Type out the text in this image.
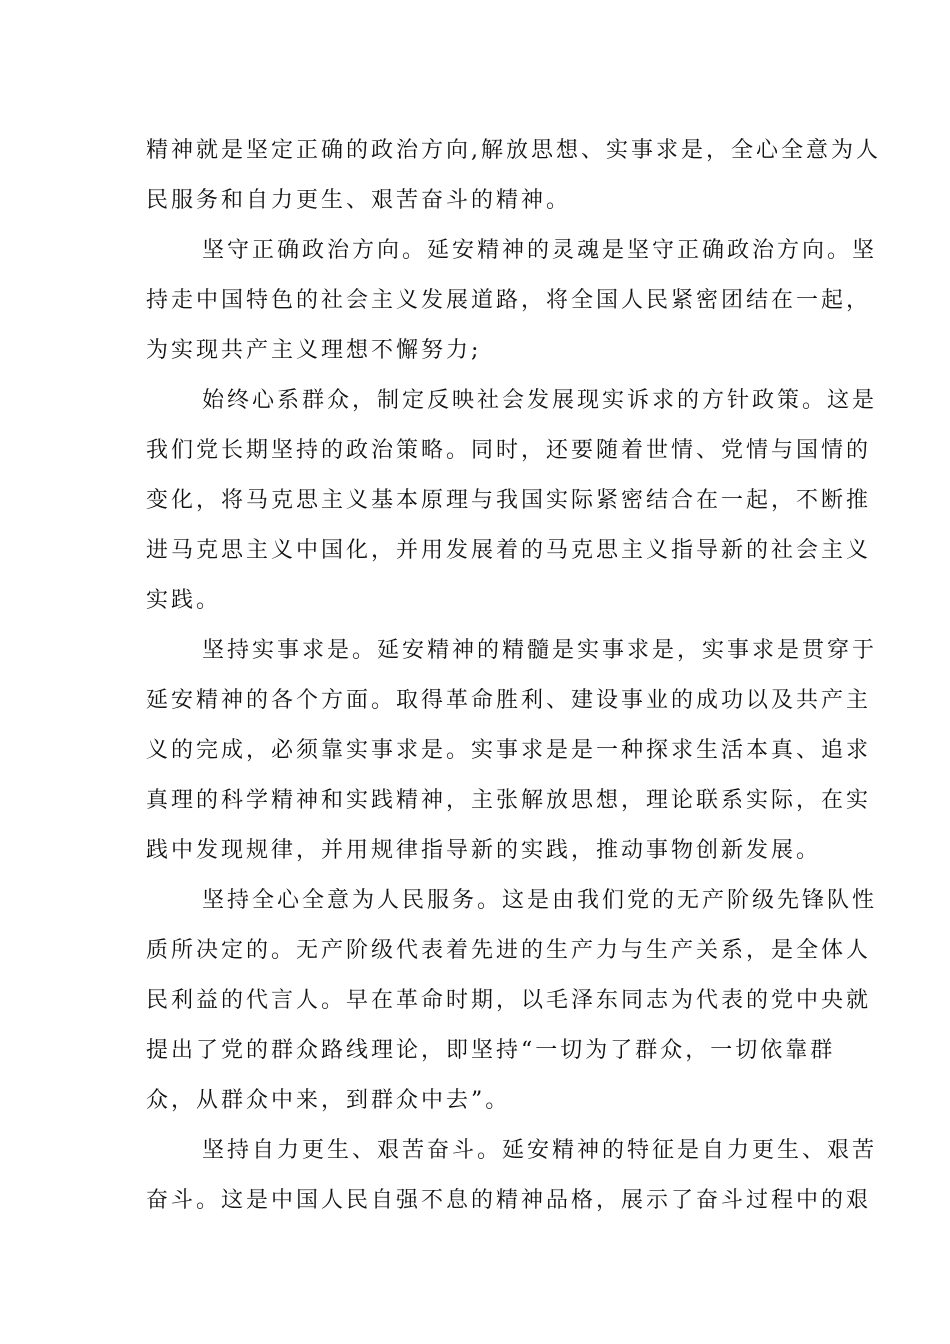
精神就是坚定正确的政治方向,解放思想、实事求是，全心全意为人
民服务和自力更生、艰苦奋斗的精神。
坚守正确政治方向。延安精神的灵魂是坚守正确政治方向。坚
持走中国特色的社会主义发展道路，将全国人民紧密团结在一起，
为实现共产主义理想不懈努力;
始终心系群众，制定反映社会发展现实诉求的方针政策。这是
我们党长期坚持的政治策略。同时，还要随着世情、党情与国情的
变化，将马克思主义基本原理与我国实际紧密结合在一起，不断推
进马克思主义中国化，并用发展着的马克思主义指导新的社会主义
实践。
坚持实事求是。延安精神的精髓是实事求是，实事求是贯穿于
延安精神的各个方面。取得革命胜利、建设事业的成功以及共产主
义的完成，必须靠实事求是。实事求是是一种探求生活本真、追求
真理的科学精神和实践精神，主张解放思想，理论联系实际，在实
践中发现规律，并用规律指导新的实践，推动事物创新发展。
坚持全心全意为人民服务。这是由我们党的无产阶级先锋队性
质所决定的。无产阶级代表着先进的生产力与生产关系，是全体人
民利益的代言人。早在革命时期，以毛泽东同志为代表的党中央就
提出了党的群众路线理论，即坚持“一切为了群众，一切依靠群
众，从群众中来，到群众中去”。
坚持自力更生、艰苦奋斗。延安精神的特征是自力更生、艰苦
奋斗。这是中国人民自强不息的精神品格，展示了奋斗过程中的艰
